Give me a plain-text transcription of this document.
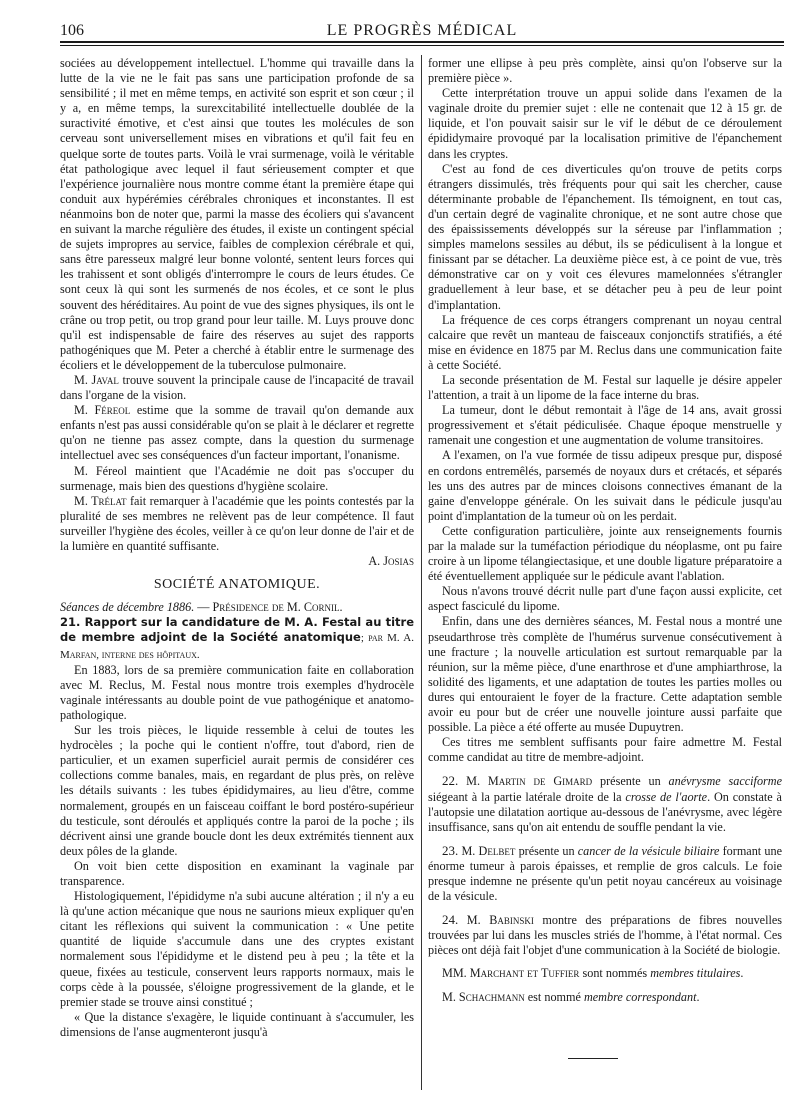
106	LE PROGRÈS MÉDICAL

sociées au développement intellectuel. L'homme qui travaille dans la lutte de la vie ne le fait pas sans une participation profonde de sa sensibilité ; il met en même temps, en activité son esprit et son cœur ; il y a, en même temps, la surexcitabilité intellectuelle doublée de la suractivité émotive, et c'est ainsi que toutes les molécules de son cerveau sont universellement mises en vibrations et qu'il fait feu en quelque sorte de toutes parts. Voilà le vrai surmenage, voilà le véritable état pathologique avec lequel il faut sérieusement compter et que l'expérience journalière nous montre comme étant la première étape qui conduit aux hypérémies cérébrales chroniques et inconstantes. Il est néanmoins bon de noter que, parmi la masse des écoliers qui s'avancent en suivant la marche régulière des études, il existe un contingent spécial de sujets impropres au service, faibles de complexion cérébrale et qui, sans être paresseux malgré leur bonne volonté, sentent leurs forces qui les trahissent et sont obligés d'interrompre le cours de leurs études. Ce sont ceux là qui sont les surmenés de nos écoles, et ce sont le plus souvent des héréditaires. Au point de vue des signes physiques, ils ont le crâne ou trop petit, ou trop grand pour leur taille. M. Luys prouve donc qu'il est indispensable de faire des réserves au sujet des rapports pathogéniques que M. Peter a cherché à établir entre le surmenage des écoliers et le développement de la tuberculose pulmonaire.

M. Javal trouve souvent la principale cause de l'incapacité de travail dans l'organe de la vision.

M. Féreol estime que la somme de travail qu'on demande aux enfants n'est pas aussi considérable qu'on se plait à le déclarer et regrette qu'on ne tienne pas assez compte, dans la question du surmenage intellectuel avec ses conséquences d'un facteur important, l'onanisme.

M. Féreol maintient que l'Académie ne doit pas s'occuper du surmenage, mais bien des questions d'hygiène scolaire.

M. Trélat fait remarquer à l'académie que les points contestés par la pluralité de ses membres ne relèvent pas de leur compétence. Il faut surveiller l'hygiène des écoles, veiller à ce qu'on leur donne de l'air et de la lumière en quantité suffisante.

A. Josias

SOCIÉTÉ ANATOMIQUE.

Séances de décembre 1886. — Présidence de M. Cornil.

21. Rapport sur la candidature de M. A. Festal au titre de membre adjoint de la Société anatomique; par M. A. Marfan, interne des hôpitaux.

En 1883, lors de sa première communication faite en collaboration avec M. Reclus, M. Festal nous montre trois exemples d'hydrocèle vaginale intéressants au double point de vue pathogénique et anatomo-pathologique.

Sur les trois pièces, le liquide ressemble à celui de toutes les hydrocèles ; la poche qui le contient n'offre, tout d'abord, rien de particulier, et un examen superficiel aurait permis de considérer ces collections comme banales, mais, en regardant de plus près, on relève les détails suivants : les tubes épididymaires, au lieu d'être, comme normalement, groupés en un faisceau coiffant le bord postéro-supérieur du testicule, sont déroulés et appliqués contre la paroi de la poche ; ils décrivent ainsi une grande boucle dont les deux extrémités tiennent aux deux pôles de la glande.

On voit bien cette disposition en examinant la vaginale par transparence.

Histologiquement, l'épididyme n'a subi aucune altération ; il n'y a eu là qu'une action mécanique que nous ne saurions mieux expliquer qu'en citant les réflexions qui suivent la communication : « Une petite quantité de liquide s'accumule dans une des cryptes existant normalement sous l'épididyme et le distend peu à peu ; la tête et la queue, fixées au testicule, conservent leurs rapports normaux, mais le corps cède à la poussée, s'éloigne progressivement de la glande, et le premier stade se trouve ainsi constitué ;

« Que la distance s'exagère, le liquide continuant à s'accumuler, les dimensions de l'anse augmenteront jusqu'à

former une ellipse à peu près complète, ainsi qu'on l'observe sur la première pièce ».

Cette interprétation trouve un appui solide dans l'examen de la vaginale droite du premier sujet : elle ne contenait que 12 à 15 gr. de liquide, et l'on pouvait saisir sur le vif le début de ce déroulement épididymaire provoqué par la localisation primitive de l'épanchement dans les cryptes.

C'est au fond de ces diverticules qu'on trouve de petits corps étrangers dissimulés, très fréquents pour qui sait les chercher, cause déterminante probable de l'épanchement. Ils témoignent, en tout cas, d'un certain degré de vaginalite chronique, et ne sont autre chose que des épaississements développés sur la séreuse par l'inflammation ; simples mamelons sessiles au début, ils se pédiculisent à la longue et finissant par se détacher. La deuxième pièce est, à ce point de vue, très démonstrative car on y voit ces élevures mamelonnées s'étrangler graduellement à leur base, et se détacher peu à peu de leur point d'implantation.

La fréquence de ces corps étrangers comprenant un noyau central calcaire que revêt un manteau de faisceaux conjonctifs stratifiés, a été mise en évidence en 1875 par M. Reclus dans une communication faite à cette Société.

La seconde présentation de M. Festal sur laquelle je désire appeler l'attention, a trait à un lipome de la face interne du bras.

La tumeur, dont le début remontait à l'âge de 14 ans, avait grossi progressivement et s'était pédiculisée. Chaque époque menstruelle y ramenait une congestion et une augmentation de volume transitoires.

A l'examen, on l'a vue formée de tissu adipeux presque pur, disposé en cordons entremêlés, parsemés de noyaux durs et crétacés, et séparés les uns des autres par de minces cloisons connectives émanant de la gaine d'enveloppe générale. On les suivait dans le pédicule jusqu'au point d'implantation de la tumeur où on les perdait.

Cette configuration particulière, jointe aux renseignements fournis par la malade sur la tuméfaction périodique du néoplasme, ont pu faire croire à un lipome télangiectasique, et une double ligature préparatoire a été éventuellement appliquée sur le pédicule avant l'ablation.

Nous n'avons trouvé décrit nulle part d'une façon aussi explicite, cet aspect fasciculé du lipome.

Enfin, dans une des dernières séances, M. Festal nous a montré une pseudarthrose très complète de l'humérus survenue consécutivement à une fracture ; la nouvelle articulation est surtout remarquable par la réunion, sur la même pièce, d'une enarthrose et d'une amphiarthrose, la solidité des ligaments, et une adaptation de toutes les parties molles ou dures qui entouraient le foyer de la fracture. Cette adaptation semble avoir eu pour but de créer une nouvelle jointure aussi parfaite que possible. La pièce a été offerte au musée Dupuytren.

Ces titres me semblent suffisants pour faire admettre M. Festal comme candidat au titre de membre-adjoint.

22. M. Martin de Gimard présente un anévrysme sacciforme siégeant à la partie latérale droite de la crosse de l'aorte. On constate à l'autopsie une dilatation aortique au-dessous de l'anévrysme, avec légère insuffisance, sans qu'on ait entendu de souffle pendant la vie.

23. M. Delbet présente un cancer de la vésicule biliaire formant une énorme tumeur à parois épaisses, et remplie de gros calculs. Le foie presque indemne ne présente qu'un petit noyau cancéreux au voisinage de la vésicule.

24. M. Babinski montre des préparations de fibres nouvelles trouvées par lui dans les muscles striés de l'homme, à l'état normal. Ces pièces ont déjà fait l'objet d'une communication à la Société de biologie.

MM. Marchant et Tuffier sont nommés membres titulaires.

M. Schachmann est nommé membre correspondant.
